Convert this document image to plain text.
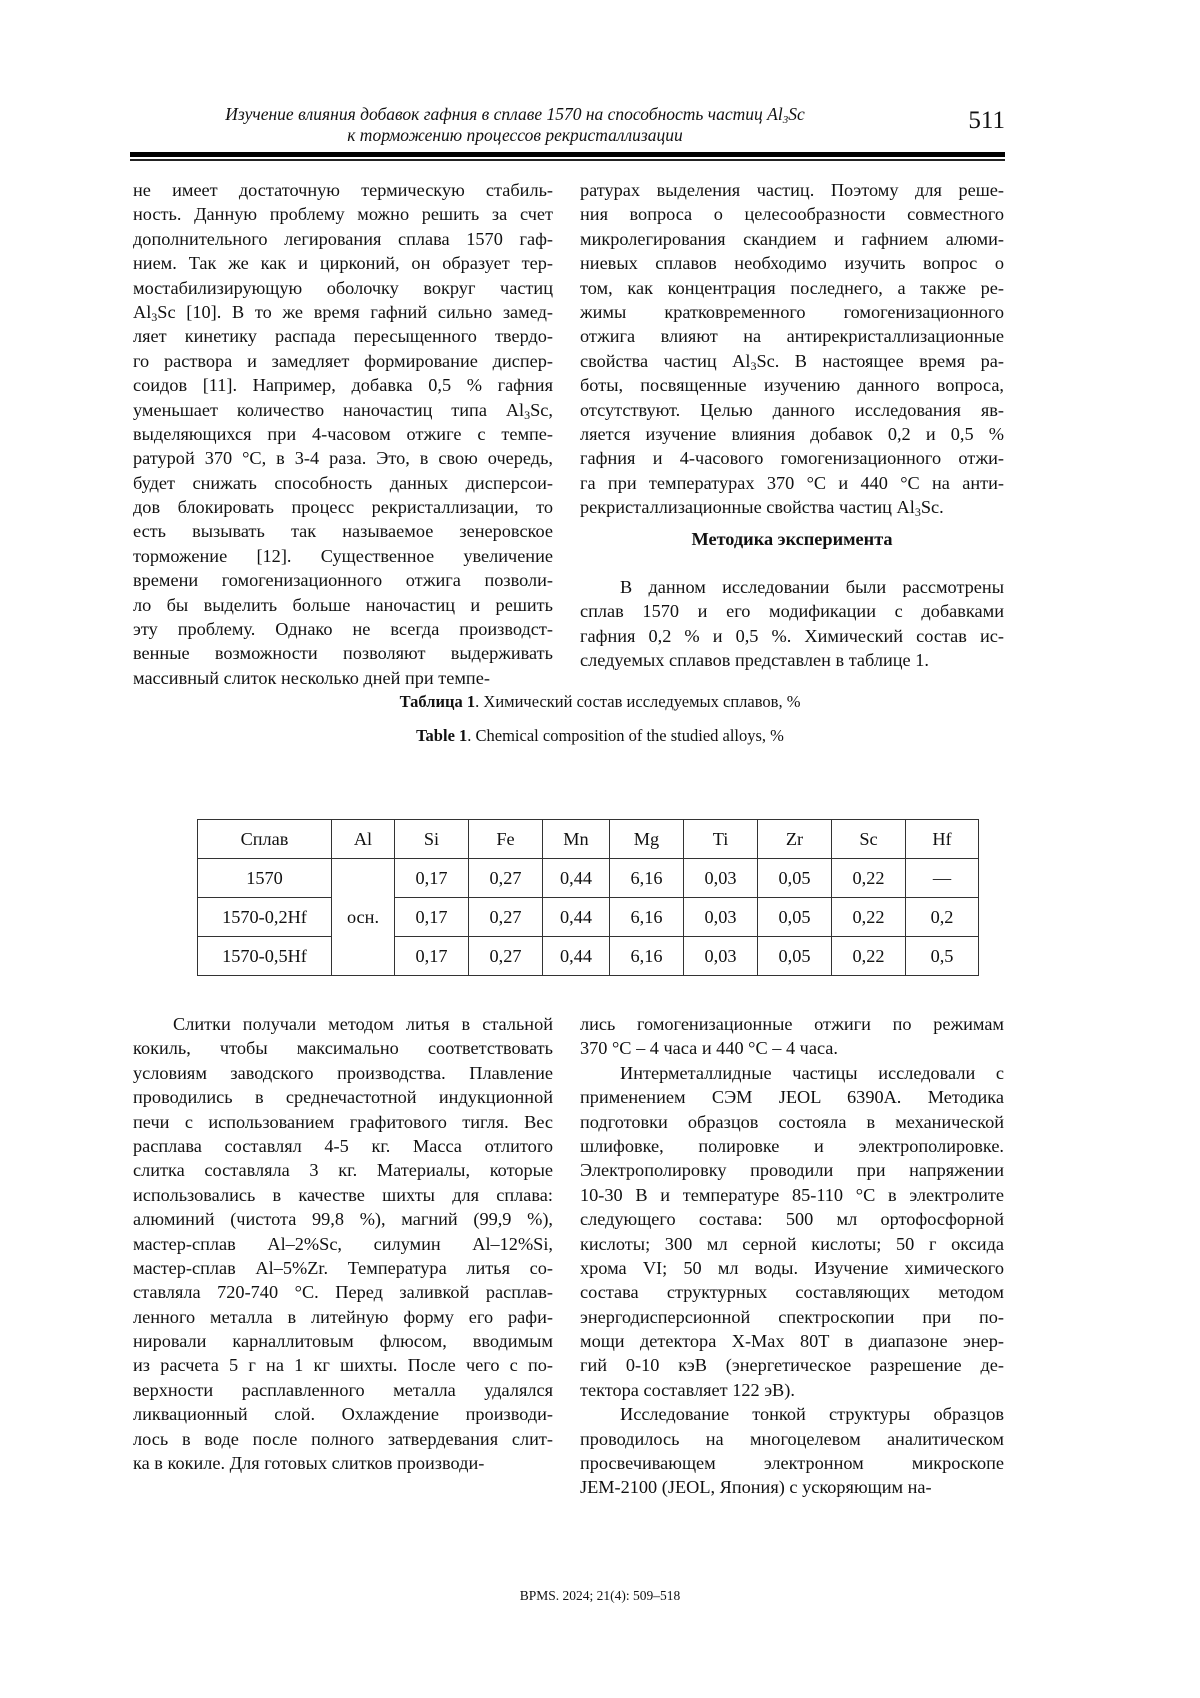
Изучение влияния добавок гафния в сплаве 1570 на способность частиц $Al_3Sc$
к торможению процессов рекристаллизации
511
не имеет достаточную термическую стабиль-
ность. Данную проблему можно решить за счет
дополнительного легирования сплава 1570 гаф-
нием. Так же как и цирконий, он образует тер-
мостабилизирующую оболочку вокруг частиц
$Al_3Sc$ [10]. В то же время гафний сильно замед-
ляет кинетику распада пересыщенного твердо-
го раствора и замедляет формирование диспер-
соидов [11]. Например, добавка 0,5 % гафния
уменьшает количество наночастиц типа $Al_3Sc$,
выделяющихся при 4-часовом отжиге с темпе-
ратурой 370 °C, в 3-4 раза. Это, в свою очередь,
будет снижать способность данных дисперсои-
дов блокировать процесс рекристаллизации, то
есть вызывать так называемое зенеровское
торможение [12]. Существенное увеличение
времени гомогенизационного отжига позволи-
ло бы выделить больше наночастиц и решить
эту проблему. Однако не всегда производст-
венные возможности позволяют выдерживать
массивный слиток несколько дней при темпе-
ратурах выделения частиц. Поэтому для реше-
ния вопроса о целесообразности совместного
микролегирования скандием и гафнием алюми-
ниевых сплавов необходимо изучить вопрос о
том, как концентрация последнего, а также ре-
жимы кратковременного гомогенизационного
отжига влияют на антирекристаллизационные
свойства частиц $Al_3Sc$. В настоящее время ра-
боты, посвященные изучению данного вопроса,
отсутствуют. Целью данного исследования яв-
ляется изучение влияния добавок 0,2 и 0,5 %
гафния и 4-часового гомогенизационного отжи-
га при температурах 370 °C и 440 °C на анти-
рекристаллизационные свойства частиц $Al_3Sc$.
Методика эксперимента
В данном исследовании были рассмотрены
сплав 1570 и его модификации с добавками
гафния 0,2 % и 0,5 %. Химический состав ис-
следуемых сплавов представлен в таблице 1.
Таблица 1. Химический состав исследуемых сплавов, %
Table 1. Chemical composition of the studied alloys, %
Сплав	Al	Si	Fe	Mn	Mg	Ti	Zr	Sc	Hf
1570	осн.	0,17	0,27	0,44	6,16	0,03	0,05	0,22	—
1570-0,2Hf		0,17	0,27	0,44	6,16	0,03	0,05	0,22	0,2
1570-0,5Hf		0,17	0,27	0,44	6,16	0,03	0,05	0,22	0,5
Слитки получали методом литья в стальной
кокиль, чтобы максимально соответствовать
условиям заводского производства. Плавление
проводились в среднечастотной индукционной
печи с использованием графитового тигля. Вес
расплава составлял 4-5 кг. Масса отлитого
слитка составляла 3 кг. Материалы, которые
использовались в качестве шихты для сплава:
алюминий (чистота 99,8 %), магний (99,9 %),
мастер-сплав Al–2%Sc, силумин Al–12%Si,
мастер-сплав Al–5%Zr. Температура литья со-
ставляла 720-740 °C. Перед заливкой расплав-
ленного металла в литейную форму его рафи-
нировали карналлитовым флюсом, вводимым
из расчета 5 г на 1 кг шихты. После чего с по-
верхности расплавленного металла удалялся
ликвационный слой. Охлаждение производи-
лось в воде после полного затвердевания слит-
ка в кокиле. Для готовых слитков производи-
лись гомогенизационные отжиги по режимам
370 °C – 4 часа и 440 °C – 4 часа.
Интерметаллидные частицы исследовали с
применением СЭМ JEOL 6390A. Методика
подготовки образцов состояла в механической
шлифовке, полировке и электрополировке.
Электрополировку проводили при напряжении
10-30 В и температуре 85-110 °C в электролите
следующего состава: 500 мл ортофосфорной
кислоты; 300 мл серной кислоты; 50 г оксида
хрома VI; 50 мл воды. Изучение химического
состава структурных составляющих методом
энергодисперсионной спектроскопии при по-
мощи детектора X-Max 80T в диапазоне энер-
гий 0-10 кэВ (энергетическое разрешение де-
тектора составляет 122 эВ).
Исследование тонкой структуры образцов
проводилось на многоцелевом аналитическом
просвечивающем электронном микроскопе
JEM-2100 (JEOL, Япония) с ускоряющим на-
BPMS. 2024; 21(4): 509–518
